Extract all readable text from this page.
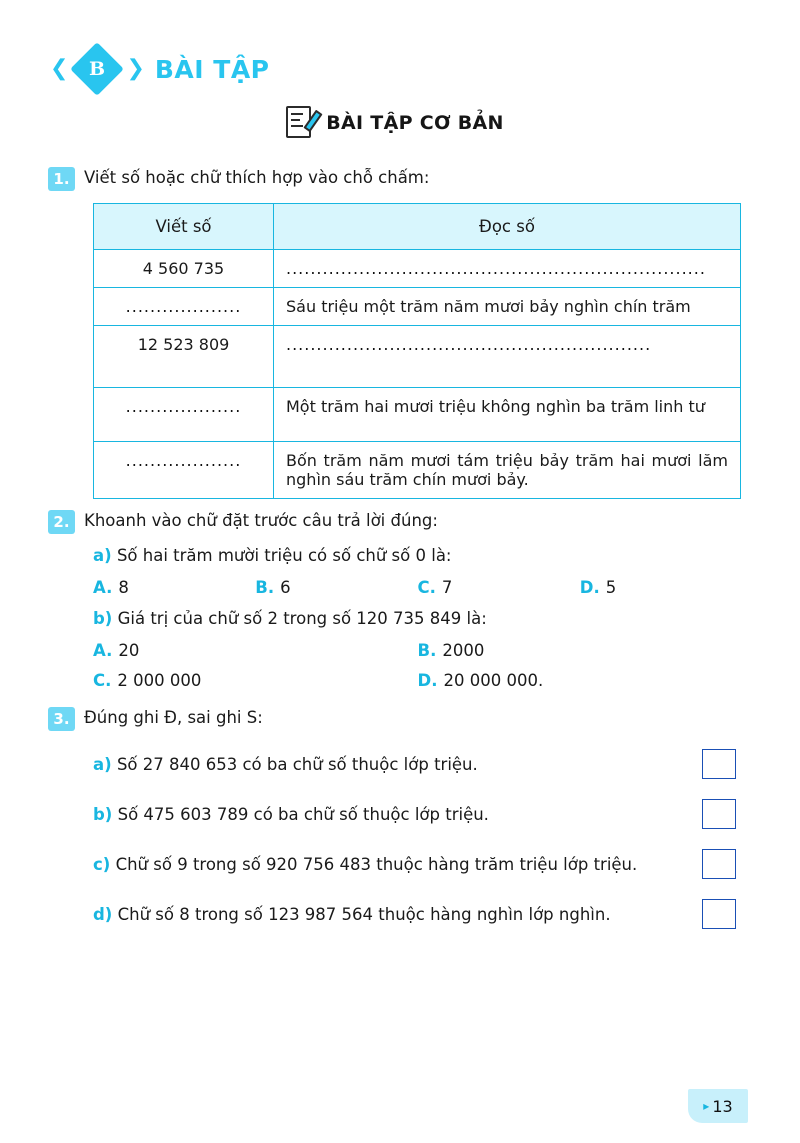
❮ B ❯ BÀI TẬP
BÀI TẬP CƠ BẢN
1. Viết số hoặc chữ thích hợp vào chỗ chấm:
Viết số	Đọc số
4 560 735	.....................................................................
...................	Sáu triệu một trăm năm mươi bảy nghìn chín trăm
12 523 809	............................................................
...................	Một trăm hai mươi triệu không nghìn ba trăm linh tư
...................	Bốn trăm năm mươi tám triệu bảy trăm hai mươi lăm nghìn sáu trăm chín mươi bảy.
2. Khoanh vào chữ đặt trước câu trả lời đúng:
a) Số hai trăm mười triệu có số chữ số 0 là:
A. 8	B. 6	C. 7	D. 5
b) Giá trị của chữ số 2 trong số 120 735 849 là:
A. 20	B. 2000
C. 2 000 000	D. 20 000 000.
3. Đúng ghi Đ, sai ghi S:
a) Số 27 840 653 có ba chữ số thuộc lớp triệu.
b) Số 475 603 789 có ba chữ số thuộc lớp triệu.
c) Chữ số 9 trong số 920 756 483 thuộc hàng trăm triệu lớp triệu.
d) Chữ số 8 trong số 123 987 564 thuộc hàng nghìn lớp nghìn.
▸ 13
